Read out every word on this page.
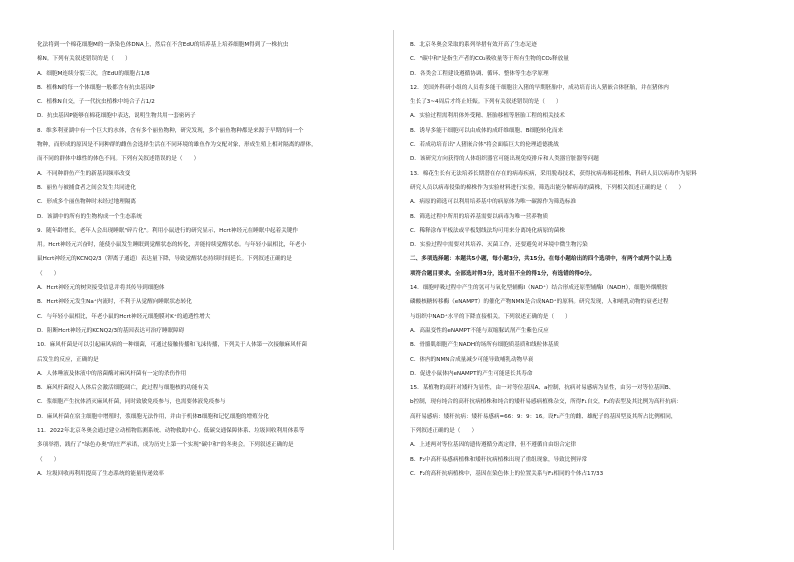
化法将到一个棉花细胞M的一条染色体DNA上，然后在不含EdU的培养基上培养细胞M得到了一株抗虫
棉N。下列有关叙述错误的是（　　）
A．细胞M连续分裂三次，含EdU的细胞占1/8
B．植株N的每一个体细胞一般都含有抗虫基因P
C．植株N自交，子一代抗虫植株中纯合子占1/2
D．抗虫基因P能够在棉花细胞中表达，说明生物共用一套密码子
8．维多利亚湖中有一个巨大的水体，含有多个丽鱼物种，研究发现，多个丽鱼物种都是来源于早期的同一个
物种，而形成的原因是不同种群的雌鱼会选择生活在不同环境的雄鱼作为交配对象，形成生殖上相对隔离的群体，
而不同的群体中雄性的体色不同。下列有关叙述错误的是（　　）
A．不同种群鱼产生的新基因频率改变
B．丽鱼与被捕食者之间会发生共同进化
C．形成多个丽鱼物种时未经过地理隔离
D．该湖中的所有的生物构成一个生态系统
9．随年龄增长，老年人会出现睡眠"碎片化"。利用小鼠进行的研究显示，Hcrt神经元在睡眠中起着关键作
用。Hcrt神经元兴奋时，能使小鼠发生睡眠到觉醒状态的转化，并能持续觉醒状态。与年轻小鼠相比，年老小
鼠Hcrt神经元的KCNQ2/3（钾离子通道）表达量下降，导致觉醒状态持续时间延长。下列叙述正确的是
（　　）
A．Hcrt神经元的树突接受信息并将其传导到细胞体
B．Hcrt神经元发生Na⁺内流时，不利于从觉醒向睡眠状态转化
C．与年轻小鼠相比，年老小鼠的Hcrt神经元细胞膜对K⁺的通透性增大
D．阻断Hcrt神经元的KCNQ2/3的基因表达可治疗睡眠障碍
10．麻风杆菌是可以引起麻风病的一种细菌，可通过接触传播和飞沫传播，下列关于人体第一次接触麻风杆菌
后发生的反应，正确的是
A．人体唾液及体液中的溶菌酶对麻风杆菌有一定的杀伤作用
B．麻风杆菌侵入人体后会激活细胞凋亡，此过程与细胞核的功能有关
C．浆细胞产生抗体消灭麻风杆菌，同时致敏免疫参与，也需要体液免疫参与
D．麻风杆菌在宿主细胞中增殖时，浆细胞无法作用，并由于机体B细胞和记忆细胞的增殖分化
11．2022年北京冬奥会通过建立动植物监测系统、动物救助中心、低碳交通保障体系、垃圾回收利用体系等
多项举措，践行了"绿色办奥"的庄严承诺，成为历史上第一个实现"碳中和"的冬奥会。下列叙述正确的是
（　　）
A．垃圾回收再利用提高了生态系统的能量传递效率
B．北京冬奥会采取的系列举措有效开高了生态足迹
C．"碳中和"是指生产者的CO₂吸收量等于所有生物的CO₂释放量
D．各类会工程建设遵循协调、循环、整体等生态学原理
12．美国外科研小组的人员将多能干细胞注入猪的早期胚胎中，成功培育出人猪嵌合体胚胎，并在猪体内
生长了3~4周后才终止妊娠。下列有关叙述错误的是（　　）
A．实验过程需利用体外受精、胚胎移植等胚胎工程的相关技术
B．诱导多能干细胞可以由成体的成纤维细胞、B细胞转化而来
C．若成功培育出"人猪嵌合体"将会面临巨大的伦理道德挑战
D．该研究方向获得的人体组织器官可能出现免疫排斥和人类器官脏器等问题
13．棉花生长有无法培养长期潜在存在的病毒疾病，采用脱毒技术，获得抗病毒棉花植株，科研人员以病毒作为原料
研究人员以病毒侵染的棉株作为实验材料进行实验，筛选出能分解病毒的菌株，下列相关叙述正确的是（　　）
A．病原的筛选可以利用培养基中的病原体为唯一碳源作为筛选标准
B．筛选过程中所用的培养基需要以病毒为唯一营养物质
C．稀释涂布平板法或平板划线法均可用来分离纯化病原的菌株
D．实验过程中需要对其培养、灭菌工作，还要避免对环境中微生物污染
二、多项选择题：本题共5小题，每小题3分，共15分。在每小题给出的四个选项中，有两个或两个以上选
项符合题目要求。全部选对得3分，选对但不全的得1分，有选错的得0分。
14．细胞呼吸过程中产生的氢可与氧化型辅酶Ⅰ（NAD⁺）结合形成还原型辅酶Ⅰ（NADH），细胞外烟酰胺
磷酸核糖转移酶（eNAMPT）的催化产物NMN是合成NAD⁺的原料。研究发现，人和哺乳动物的衰老过程
与组织中NAD⁺水平的下降直接相关。下列叙述正确的是（　　）
A．高温变性的eNAMPT不能与双缩脲试剂产生紫色反应
B．骨骼肌细胞产生NADH的场所有细胞质基质和线粒体基质
C．体内的NMN合成量减少可能导致哺乳动物早衰
D．促进小鼠体内eNAMPT的产生可能延长其寿命
15．某植物的高秆对矮秆为显性，由一对等位基因A、a控制，抗病对易感病为显性，由另一对等位基因B、
b控制，现有纯合的高秆抗病植株和纯合的矮秆易感病植株杂交，所得F₁自交，F₂的表型及其比例为高秆抗病：
高秆易感病：矮秆抗病：矮秆易感病=66：9：9：16。设F₁产生的雌、雄配子的基因型及其所占比例相同，
下列叙述正确的是（　　）
A．上述两对等位基因的遗传遵循分离定律，但不遵循自由组合定律
B．F₂中高秆易感病植株和矮秆抗病植株出现了重组现象，导致比例异常
C．F₂的高秆抗病植株中，基因在染色体上的位置关系与F₁相同的个体占17/33
